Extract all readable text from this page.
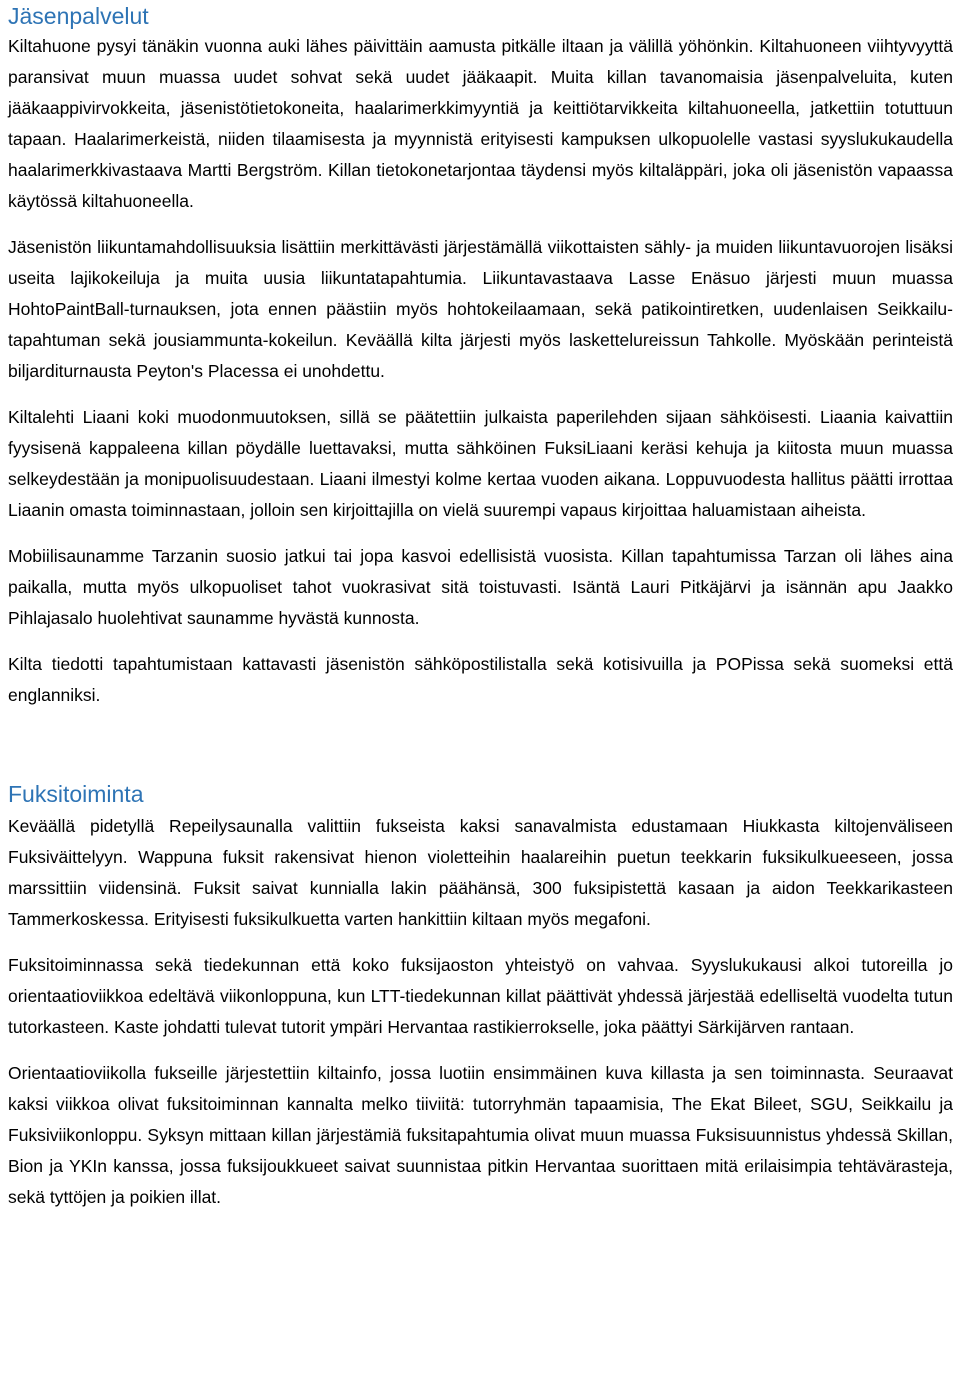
Jäsenpalvelut

Kiltahuone pysyi tänäkin vuonna auki lähes päivittäin aamusta pitkälle iltaan ja välillä yöhönkin. Kiltahuoneen viihtyvyyttä paransivat muun muassa uudet sohvat sekä uudet jääkaapit. Muita killan tavanomaisia jäsenpalveluita, kuten jääkaappivirvokkeita, jäsenistötietokoneita, haalarimerkkimyyntiä ja keittiötarvikkeita kiltahuoneella, jatkettiin totuttuun tapaan. Haalarimerkeistä, niiden tilaamisesta ja myynnistä erityisesti kampuksen ulkopuolelle vastasi syyslukukaudella haalarimerkkivastaava Martti Bergström. Killan tietokonetarjontaa täydensi myös kiltaläppäri, joka oli jäsenistön vapaassa käytössä kiltahuoneella.

Jäsenistön liikuntamahdollisuuksia lisättiin merkittävästi järjestämällä viikottaisten sähly- ja muiden liikuntavuorojen lisäksi useita lajikokeiluja ja muita uusia liikuntatapahtumia. Liikuntavastaava Lasse Enäsuo järjesti muun muassa HohtoPaintBall-turnauksen, jota ennen päästiin myös hohtokeilaamaan, sekä patikointiretken, uudenlaisen Seikkailu-tapahtuman sekä jousiammunta-kokeilun. Keväällä kilta järjesti myös laskettelureissun Tahkolle. Myöskään perinteistä biljarditurnausta Peyton's Placessa ei unohdettu.

Kiltalehti Liaani koki muodonmuutoksen, sillä se päätettiin julkaista paperilehden sijaan sähköisesti. Liaania kaivattiin fyysisenä kappaleena killan pöydälle luettavaksi, mutta sähköinen FuksiLiaani keräsi kehuja ja kiitosta muun muassa selkeydestään ja monipuolisuudestaan. Liaani ilmestyi kolme kertaa vuoden aikana. Loppuvuodesta hallitus päätti irrottaa Liaanin omasta toiminnastaan, jolloin sen kirjoittajilla on vielä suurempi vapaus kirjoittaa haluamistaan aiheista.

Mobiilisaunamme Tarzanin suosio jatkui tai jopa kasvoi edellisistä vuosista. Killan tapahtumissa Tarzan oli lähes aina paikalla, mutta myös ulkopuoliset tahot vuokrasivat sitä toistuvasti. Isäntä Lauri Pitkäjärvi ja isännän apu Jaakko Pihlajasalo huolehtivat saunamme hyvästä kunnosta.

Kilta tiedotti tapahtumistaan kattavasti jäsenistön sähköpostilistalla sekä kotisivuilla ja POPissa sekä suomeksi että englanniksi.

Fuksitoiminta

Keväällä pidetyllä Repeilysaunalla valittiin fukseista kaksi sanavalmista edustamaan Hiukkasta kiltojenväliseen Fuksiväittelyyn. Wappuna fuksit rakensivat hienon violetteihin haalareihin puetun teekkarin fuksikulkueeseen, jossa marssittiin viidensinä. Fuksit saivat kunnialla lakin päähänsä, 300 fuksipistettä kasaan ja aidon Teekkarikasteen Tammerkoskessa. Erityisesti fuksikulkuetta varten hankittiin kiltaan myös megafoni.

Fuksitoiminnassa sekä tiedekunnan että koko fuksijaoston yhteistyö on vahvaa. Syyslukukausi alkoi tutoreilla jo orientaatioviikkoa edeltävä viikonloppuna, kun LTT-tiedekunnan killat päättivät yhdessä järjestää edelliseltä vuodelta tutun tutorkasteen. Kaste johdatti tulevat tutorit ympäri Hervantaa rastikierrokselle, joka päättyi Särkijärven rantaan.

Orientaatioviikolla fukseille järjestettiin kiltainfo, jossa luotiin ensimmäinen kuva killasta ja sen toiminnasta. Seuraavat kaksi viikkoa olivat fuksitoiminnan kannalta melko tiiviitä: tutorryhmän tapaamisia, The Ekat Bileet, SGU, Seikkailu ja Fuksiviikonloppu. Syksyn mittaan killan järjestämiä fuksitapahtumia olivat muun muassa Fuksisuunnistus yhdessä Skillan, Bion ja YKIn kanssa, jossa fuksijoukkueet saivat suunnistaa pitkin Hervantaa suorittaen mitä erilaisimpia tehtävärasteja, sekä tyttöjen ja poikien illat.
